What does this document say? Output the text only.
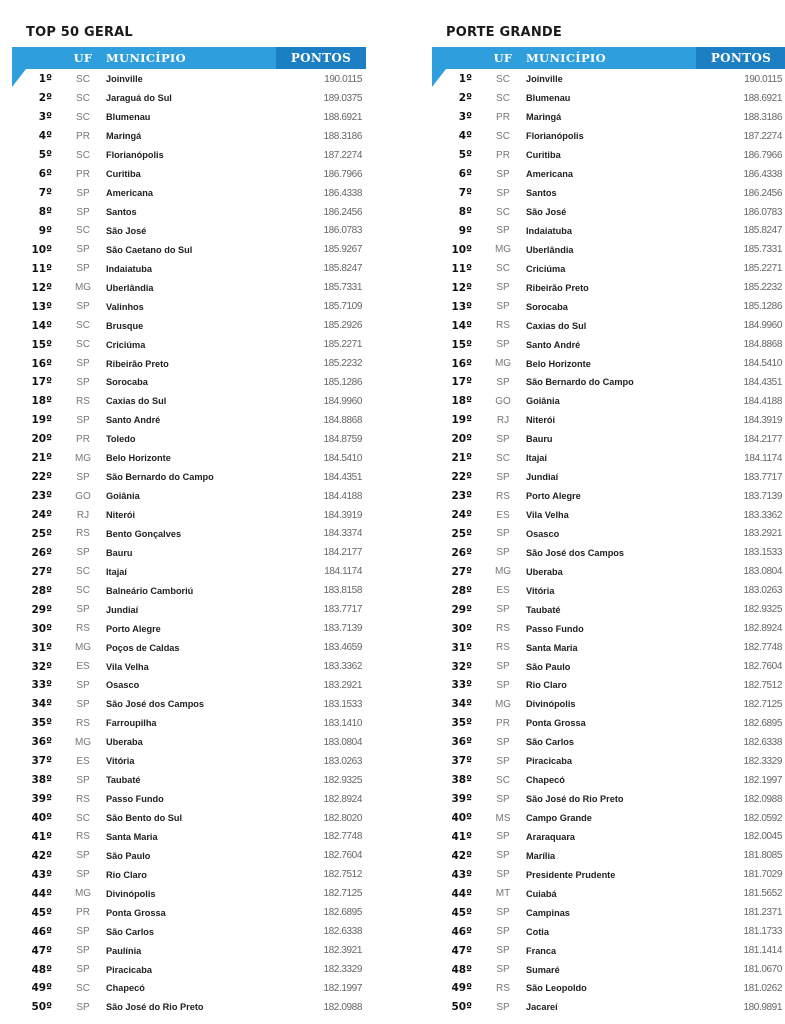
TOP 50 GERAL
UF	MUNICÍPIO	PONTOS
1º	SC	Joinville	190.0115
2º	SC	Jaraguá do Sul	189.0375
3º	SC	Blumenau	188.6921
4º	PR	Maringá	188.3186
5º	SC	Florianópolis	187.2274
6º	PR	Curitiba	186.7966
7º	SP	Americana	186.4338
8º	SP	Santos	186.2456
9º	SC	São José	186.0783
10º	SP	São Caetano do Sul	185.9267
11º	SP	Indaiatuba	185.8247
12º	MG	Uberlândia	185.7331
13º	SP	Valinhos	185.7109
14º	SC	Brusque	185.2926
15º	SC	Criciúma	185.2271
16º	SP	Ribeirão Preto	185.2232
17º	SP	Sorocaba	185.1286
18º	RS	Caxias do Sul	184.9960
19º	SP	Santo André	184.8868
20º	PR	Toledo	184.8759
21º	MG	Belo Horizonte	184.5410
22º	SP	São Bernardo do Campo	184.4351
23º	GO	Goiânia	184.4188
24º	RJ	Niterói	184.3919
25º	RS	Bento Gonçalves	184.3374
26º	SP	Bauru	184.2177
27º	SC	Itajaí	184.1174
28º	SC	Balneário Camboriú	183.8158
29º	SP	Jundiaí	183.7717
30º	RS	Porto Alegre	183.7139
31º	MG	Poços de Caldas	183.4659
32º	ES	Vila Velha	183.3362
33º	SP	Osasco	183.2921
34º	SP	São José dos Campos	183.1533
35º	RS	Farroupilha	183.1410
36º	MG	Uberaba	183.0804
37º	ES	Vitória	183.0263
38º	SP	Taubaté	182.9325
39º	RS	Passo Fundo	182.8924
40º	SC	São Bento do Sul	182.8020
41º	RS	Santa Maria	182.7748
42º	SP	São Paulo	182.7604
43º	SP	Rio Claro	182.7512
44º	MG	Divinópolis	182.7125
45º	PR	Ponta Grossa	182.6895
46º	SP	São Carlos	182.6338
47º	SP	Paulínia	182.3921
48º	SP	Piracicaba	182.3329
49º	SC	Chapecó	182.1997
50º	SP	São José do Rio Preto	182.0988
PORTE GRANDE
UF	MUNICÍPIO	PONTOS
1º	SC	Joinville	190.0115
2º	SC	Blumenau	188.6921
3º	PR	Maringá	188.3186
4º	SC	Florianópolis	187.2274
5º	PR	Curitiba	186.7966
6º	SP	Americana	186.4338
7º	SP	Santos	186.2456
8º	SC	São José	186.0783
9º	SP	Indaiatuba	185.8247
10º	MG	Uberlândia	185.7331
11º	SC	Criciúma	185.2271
12º	SP	Ribeirão Preto	185.2232
13º	SP	Sorocaba	185.1286
14º	RS	Caxias do Sul	184.9960
15º	SP	Santo André	184.8868
16º	MG	Belo Horizonte	184.5410
17º	SP	São Bernardo do Campo	184.4351
18º	GO	Goiânia	184.4188
19º	RJ	Niterói	184.3919
20º	SP	Bauru	184.2177
21º	SC	Itajaí	184.1174
22º	SP	Jundiaí	183.7717
23º	RS	Porto Alegre	183.7139
24º	ES	Vila Velha	183.3362
25º	SP	Osasco	183.2921
26º	SP	São José dos Campos	183.1533
27º	MG	Uberaba	183.0804
28º	ES	Vitória	183.0263
29º	SP	Taubaté	182.9325
30º	RS	Passo Fundo	182.8924
31º	RS	Santa Maria	182.7748
32º	SP	São Paulo	182.7604
33º	SP	Rio Claro	182.7512
34º	MG	Divinópolis	182.7125
35º	PR	Ponta Grossa	182.6895
36º	SP	São Carlos	182.6338
37º	SP	Piracicaba	182.3329
38º	SC	Chapecó	182.1997
39º	SP	São José do Rio Preto	182.0988
40º	MS	Campo Grande	182.0592
41º	SP	Araraquara	182.0045
42º	SP	Marília	181.8085
43º	SP	Presidente Prudente	181.7029
44º	MT	Cuiabá	181.5652
45º	SP	Campinas	181.2371
46º	SP	Cotia	181.1733
47º	SP	Franca	181.1414
48º	SP	Sumaré	181.0670
49º	RS	São Leopoldo	181.0262
50º	SP	Jacareí	180.9891
